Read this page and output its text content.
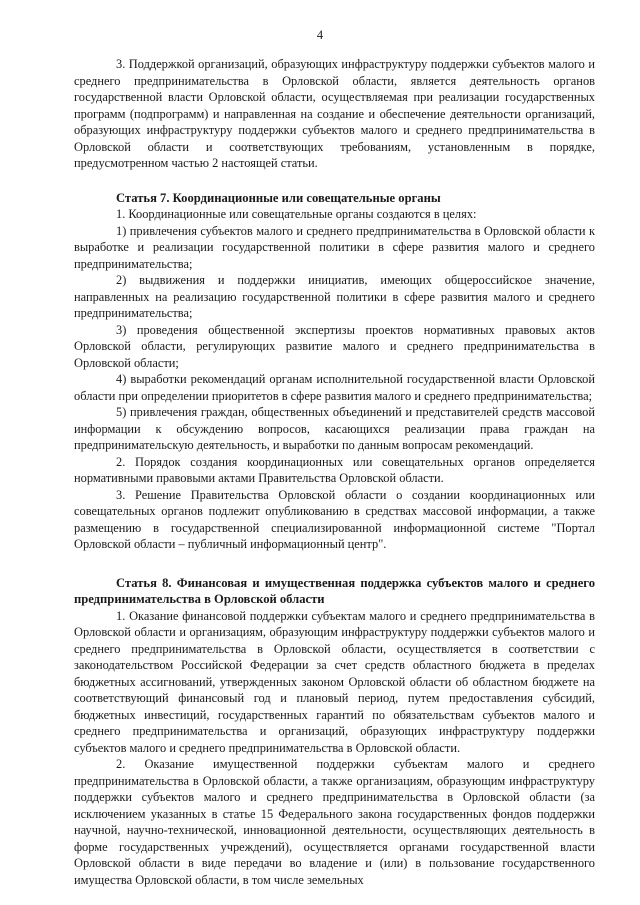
4

3. Поддержкой организаций, образующих инфраструктуру поддержки субъектов малого и среднего предпринимательства в Орловской области, является деятельность органов государственной власти Орловской области, осуществляемая при реализации государственных программ (подпрограмм) и направленная на создание и обеспечение деятельности организаций, образующих инфраструктуру поддержки субъектов малого и среднего предпринимательства в Орловской области и соответствующих требованиям, установленным в порядке, предусмотренном частью 2 настоящей статьи.

Статья 7. Координационные или совещательные органы

1. Координационные или совещательные органы создаются в целях:

1) привлечения субъектов малого и среднего предпринимательства в Орловской области к выработке и реализации государственной политики в сфере развития малого и среднего предпринимательства;

2) выдвижения и поддержки инициатив, имеющих общероссийское значение, направленных на реализацию государственной политики в сфере развития малого и среднего предпринимательства;

3) проведения общественной экспертизы проектов нормативных правовых актов Орловской области, регулирующих развитие малого и среднего предпринимательства в Орловской области;

4) выработки рекомендаций органам исполнительной государственной власти Орловской области при определении приоритетов в сфере развития малого и среднего предпринимательства;

5) привлечения граждан, общественных объединений и представителей средств массовой информации к обсуждению вопросов, касающихся реализации права граждан на предпринимательскую деятельность, и выработки по данным вопросам рекомендаций.

2. Порядок создания координационных или совещательных органов определяется нормативными правовыми актами Правительства Орловской области.

3. Решение Правительства Орловской области о создании координационных или совещательных органов подлежит опубликованию в средствах массовой информации, а также размещению в государственной специализированной информационной системе "Портал Орловской области – публичный информационный центр".

Статья 8. Финансовая и имущественная поддержка субъектов малого и среднего предпринимательства в Орловской области

1. Оказание финансовой поддержки субъектам малого и среднего предпринимательства в Орловской области и организациям, образующим инфраструктуру поддержки субъектов малого и среднего предпринимательства в Орловской области, осуществляется в соответствии с законодательством Российской Федерации за счет средств областного бюджета в пределах бюджетных ассигнований, утвержденных законом Орловской области об областном бюджете на соответствующий финансовый год и плановый период, путем предоставления субсидий, бюджетных инвестиций, государственных гарантий по обязательствам субъектов малого и среднего предпринимательства и организаций, образующих инфраструктуру поддержки субъектов малого и среднего предпринимательства в Орловской области.

2. Оказание имущественной поддержки субъектам малого и среднего предпринимательства в Орловской области, а также организациям, образующим инфраструктуру поддержки субъектов малого и среднего предпринимательства в Орловской области (за исключением указанных в статье 15 Федерального закона государственных фондов поддержки научной, научно-технической, инновационной деятельности, осуществляющих деятельность в форме государственных учреждений), осуществляется органами государственной власти Орловской области в виде передачи во владение и (или) в пользование государственного имущества Орловской области, в том числе земельных
